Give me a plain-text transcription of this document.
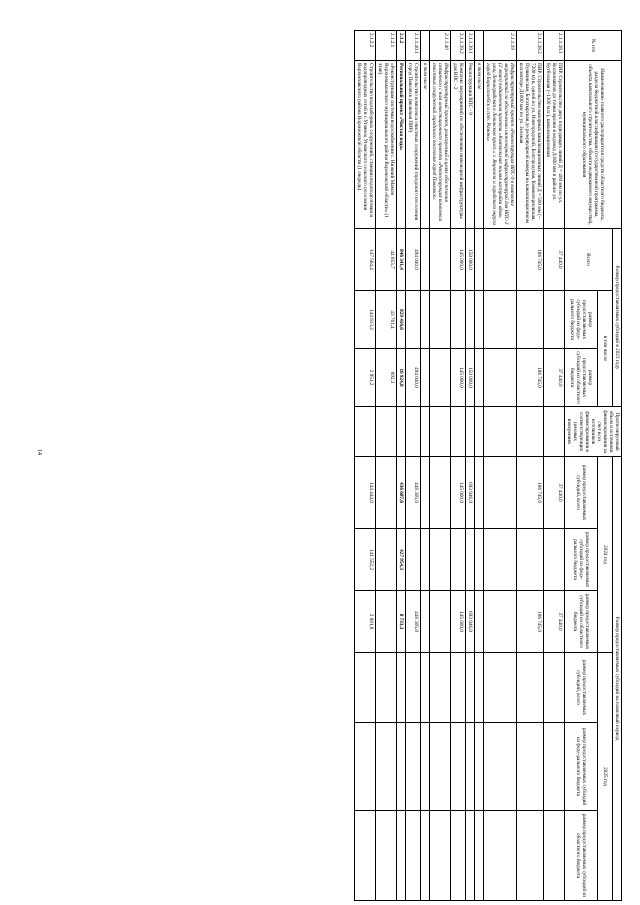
14
№ п/п	Наименование главного распорядителя средств областного бюджета, раздела бюджетной классификации (государственной программы, объекта капитального строительства, объекта недвижимого имущества), муниципального образования	Размер предоставляемых субсидий в 2023 году			Прогнозируемый объем и источники финансирования за счет всех источников финансирования в соответствующих ценовых измерениях	Размер предоставляемых субсидий на плановый период					
		Всего	в том числе			2024 год			2025 год		
			размер предоставляемых субсидий из феде-рального бюджета	размер предоставляемых субсидий из областного бюджета		размер предоставляемых субсидий, всего	размер предоставляемых субсидий из феде-рального бюджета	размер предоставляемых субсидий из областного бюджета	размер предоставляемых субсидий, всего	размер предоставляемых субсидий из феде-рального бюджета	размер предоставляемых субсидий из областного бюджета

2.1.1.38.1	ПИР. Строительство двух подводящих линий Д = 400 мм по ул. Космонавтов до точки врезки в водовод Д.800 мм в районе ул. Бутбольная (~1300 м.п.), канализационная	37 440,0		37 440,0		37 440,0		37 440,0			
2.1.1.38.2	ПИР. Строительство напорных канализационных линий Д = 500 мм (~ 7200 м) в, одной по ул. Новгородской, Белгородская, Коминтерновская, Пушкинская, Богатырская до резервуарной камеры на канализационном коллекторе Д1000 мм по ул. Зеленая	186 745,0		186 745,0		186 745,0		186 745,0			
2.1.1.39	Инфраструктурный проект «Реконструкция ВПС-9 в комплексе мероприятий по обеспечению инженерной инфраструктурой для ВПС-2 (2 этап) подключения проекта «Комплексная жилая застройка вдоль улиц Ленинградская в Ленинском просп.» г. Воронеж и городского округа город Борисоглебск и пгт. Рамонь»										
	в том числе										
2.1.1.39.1	Реконструкция ВПС - 9	150 000,0		150 000,0		693 946,9		693 946,9			
2.1.1.39.2	Комплекс мероприятий по обеспечению инженерной инфраструктуры для ВПС - 2	145 000,0		145 000,0		145 000,0		145 000,0			
2.1.1.40	Инфраструктурный проект, реализуемый в целях обеспечения связанного с ним инвестиционного проекта «Реконструкция комплекса очистных сооружений городского поселения город Павловск»										
	в том числе										
2.1.1.40.1	Строительство комплекса очистных сооружений городского поселения город Павловск (включая ПИР)	494 040,0		494 040,0		448 305,0		448 305,0			
2.1.2	Региональный проект «Чистая вода»	846 341,4	829 416,6	16 924,8		436 687,6	427 954,3	8 733,3			
2.1.2.1	«Реконструкция системы водоснабжения с. Нижний Мамон Верхнемамонского муниципального района Воронежской области» (1 этап)	44 653,7	43 761,4	892,3							
2.1.2.2	Строительство водозаборных сооружений, станции водоподготовки и водопроводных сетей в с.Углянец Углянского сельского поселения Верхнехавского района Воронежской области (1 очередь)	147 564,4	144 613,2	2 951,2		144 444,0	141 552,2	2 891,8			
